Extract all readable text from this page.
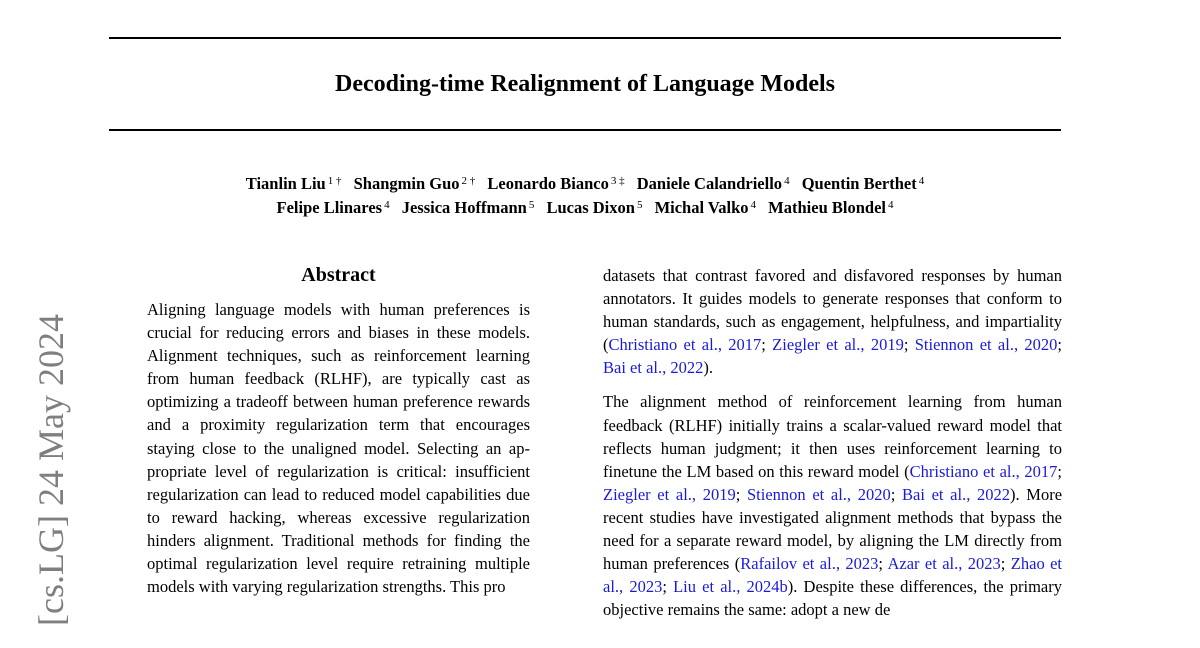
Decoding-time Realignment of Language Models
Tianlin Liu $^{1 \dagger}$ Shangmin Guo $^{2 \dagger}$ Leonardo Bianco $^{3 \ddagger}$ Daniele Calandriello $^4$ Quentin Berthet $^4$
Felipe Llinares $^4$ Jessica Hoffmann $^5$ Lucas Dixon $^5$ Michal Valko $^4$ Mathieu Blondel $^4$
[cs.LG] 24 May 2024
Abstract

Aligning language models with human preferences is crucial for reducing errors and biases in these models. Alignment techniques, such as reinforcement learning from human feedback (RLHF), are typically cast as optimizing a tradeoff between human preference rewards and a proximity regularization term that encourages staying close to the unaligned model. Selecting an appropriate level of regularization is critical: insufficient regularization can lead to reduced model capabilities due to reward hacking, whereas excessive regularization hinders alignment. Traditional methods for finding the optimal regularization level require retraining multiple models with varying regularization strengths. This pro

datasets that contrast favored and disfavored responses by human annotators. It guides models to generate responses that conform to human standards, such as engagement, helpfulness, and impartiality (Christiano et al., 2017; Ziegler et al., 2019; Stiennon et al., 2020; Bai et al., 2022).

The alignment method of reinforcement learning from human feedback (RLHF) initially trains a scalar-valued reward model that reflects human judgment; it then uses reinforcement learning to finetune the LM based on this reward model (Christiano et al., 2017; Ziegler et al., 2019; Stiennon et al., 2020; Bai et al., 2022). More recent studies have investigated alignment methods that bypass the need for a separate reward model, by aligning the LM directly from human preferences (Rafailov et al., 2023; Azar et al., 2023; Zhao et al., 2023; Liu et al., 2024b). Despite these differences, the primary objective remains the same: adopt a new de
